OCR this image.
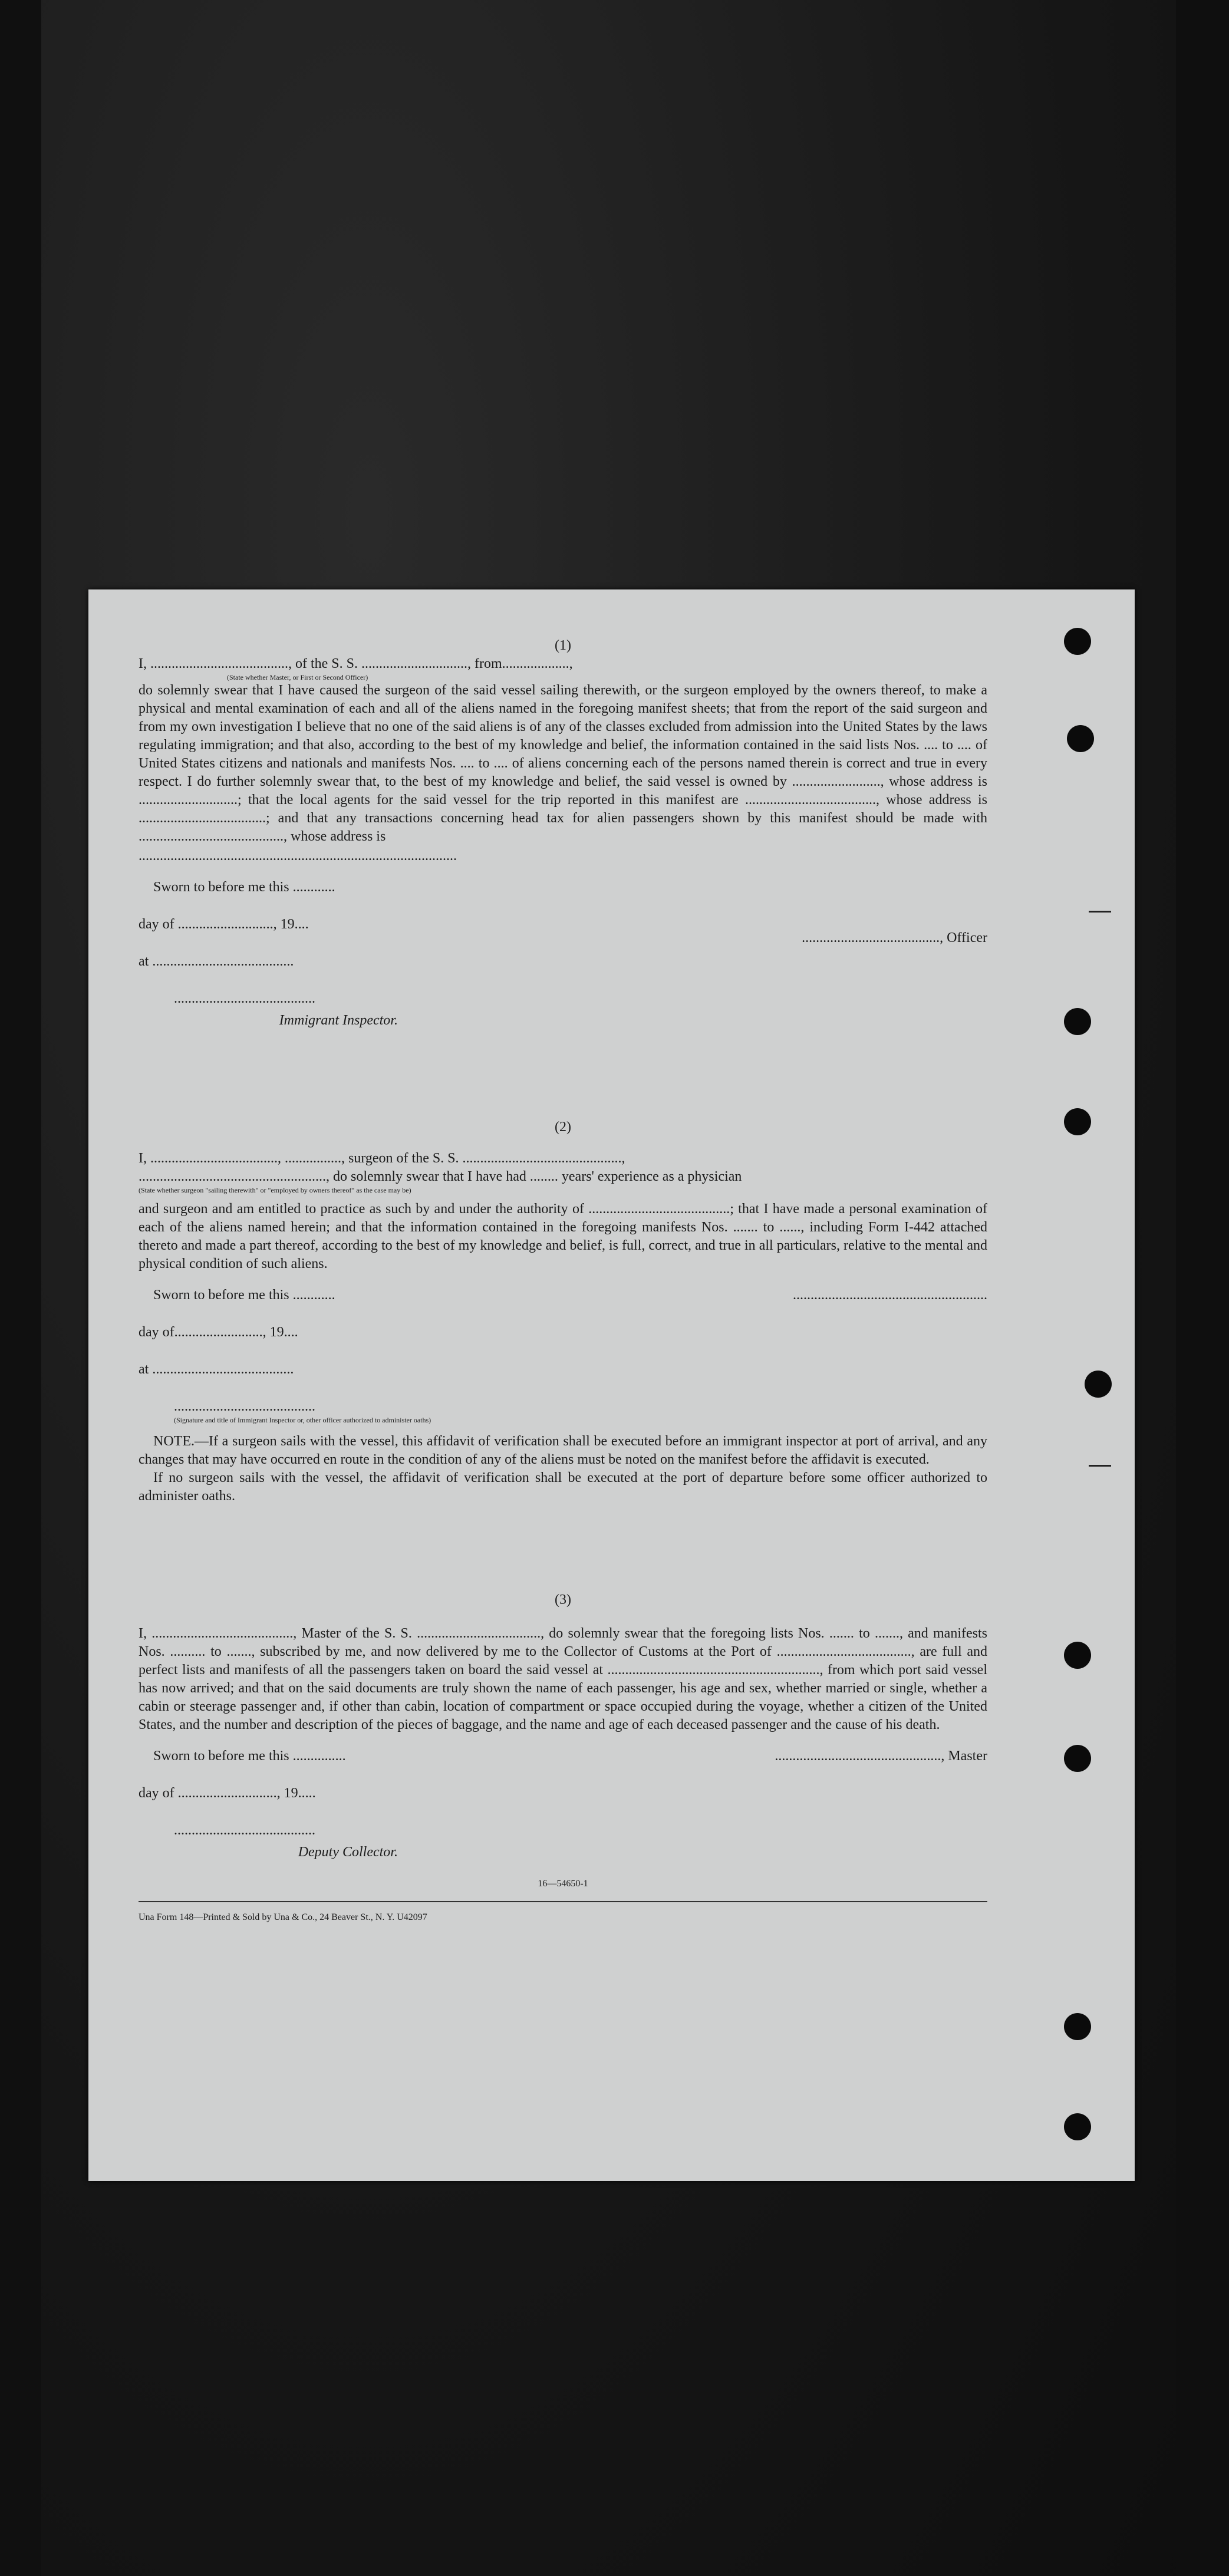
(1)

I, ......................................., of the S. S. .............................., from...................,

(State whether Master, or First or Second Officer)

do solemnly swear that I have caused the surgeon of the said vessel sailing therewith, or the surgeon employed by the owners thereof, to make a physical and mental examination of each and all of the aliens named in the foregoing manifest sheets; that from the report of the said surgeon and from my own investigation I believe that no one of the said aliens is of any of the classes excluded from admission into the United States by the laws regulating immigration; and that also, according to the best of my knowledge and belief, the information contained in the said lists Nos. .... to .... of United States citizens and nationals and manifests Nos. .... to .... of aliens concerning each of the persons named therein is correct and true in every respect. I do further solemnly swear that, to the best of my knowledge and belief, the said vessel is owned by ........................., whose address is ............................; that the local agents for the said vessel for the trip reported in this manifest are ....................................., whose address is ....................................; and that any transactions concerning head tax for alien passengers shown by this manifest should be made with ........................................., whose address is

..........................................................................................

Sworn to before me this ............

day of ..........................., 19....

at ........................................

........................................

Immigrant Inspector.

......................................., Officer

(2)

I, ...................................., ................, surgeon of the S. S. .............................................,

....................................................., do solemnly swear that I have had ........ years' experience as a physician

(State whether surgeon "sailing therewith" or "employed by owners thereof" as the case may be)

and surgeon and am entitled to practice as such by and under the authority of ........................................; that I have made a personal examination of each of the aliens named herein; and that the information contained in the foregoing manifests Nos. ....... to ......, including Form I-442 attached thereto and made a part thereof, according to the best of my knowledge and belief, is full, correct, and true in all particulars, relative to the mental and physical condition of such aliens.

Sworn to before me this ............

day of........................., 19....

at ........................................

........................................

(Signature and title of Immigrant Inspector or, other officer authorized to administer oaths)

.......................................................

NOTE.—If a surgeon sails with the vessel, this affidavit of verification shall be executed before an immigrant inspector at port of arrival, and any changes that may have occurred en route in the condition of any of the aliens must be noted on the manifest before the affidavit is executed.

If no surgeon sails with the vessel, the affidavit of verification shall be executed at the port of departure before some officer authorized to administer oaths.

(3)

I, ........................................, Master of the S. S. ..................................., do solemnly swear that the foregoing lists Nos. ....... to ......., and manifests Nos. .......... to ......., subscribed by me, and now delivered by me to the Collector of Customs at the Port of ......................................, are full and perfect lists and manifests of all the passengers taken on board the said vessel at ............................................................, from which port said vessel has now arrived; and that on the said documents are truly shown the name of each passenger, his age and sex, whether married or single, whether a cabin or steerage passenger and, if other than cabin, location of compartment or space occupied during the voyage, whether a citizen of the United States, and the number and description of the pieces of baggage, and the name and age of each deceased passenger and the cause of his death.

Sworn to before me this ...............

day of ............................, 19.....

........................................

Deputy Collector.

..............................................., Master

16—54650-1

Una Form 148—Printed & Sold by Una & Co., 24 Beaver St., N. Y. U42097
